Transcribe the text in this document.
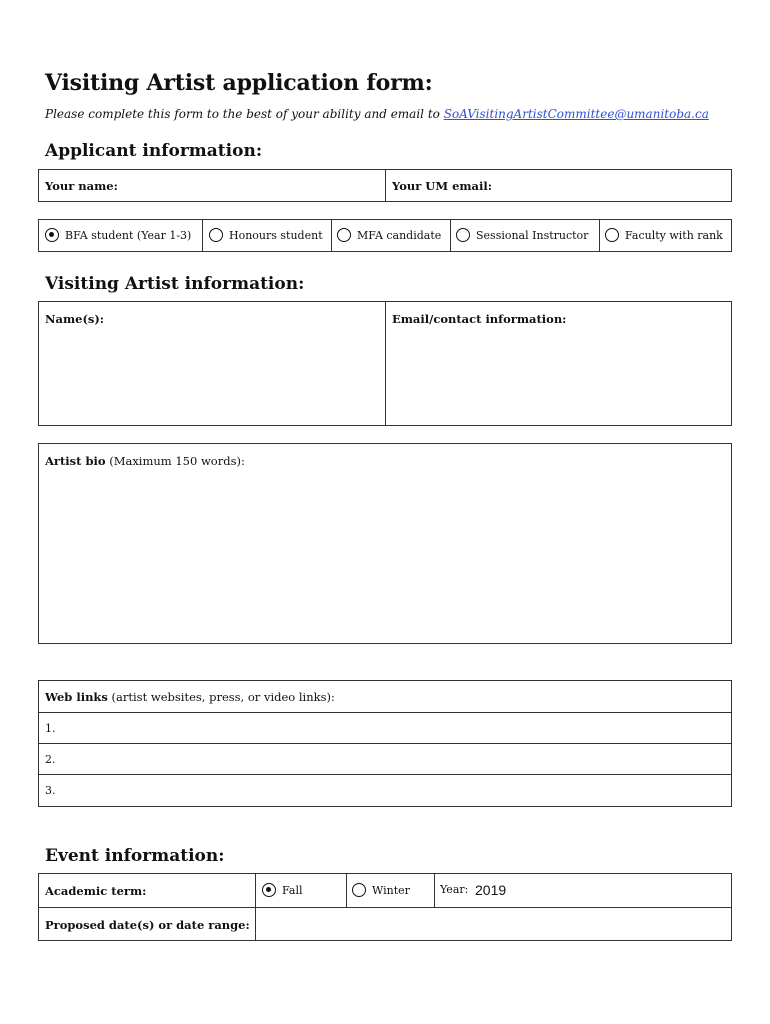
Visiting Artist application form:
Please complete this form to the best of your ability and email to SoAVisitingArtistCommittee@umanitoba.ca
Applicant information:
Your name:	Your UM email:
BFA student (Year 1-3)	Honours student	MFA candidate	Sessional Instructor	Faculty with rank
Visiting Artist information:
Name(s):	Email/contact information:
Artist bio (Maximum 150 words):
Web links (artist websites, press, or video links):
1.
2.
3.
Event information:
Academic term:	Fall	Winter	Year: 2019
Proposed date(s) or date range:
